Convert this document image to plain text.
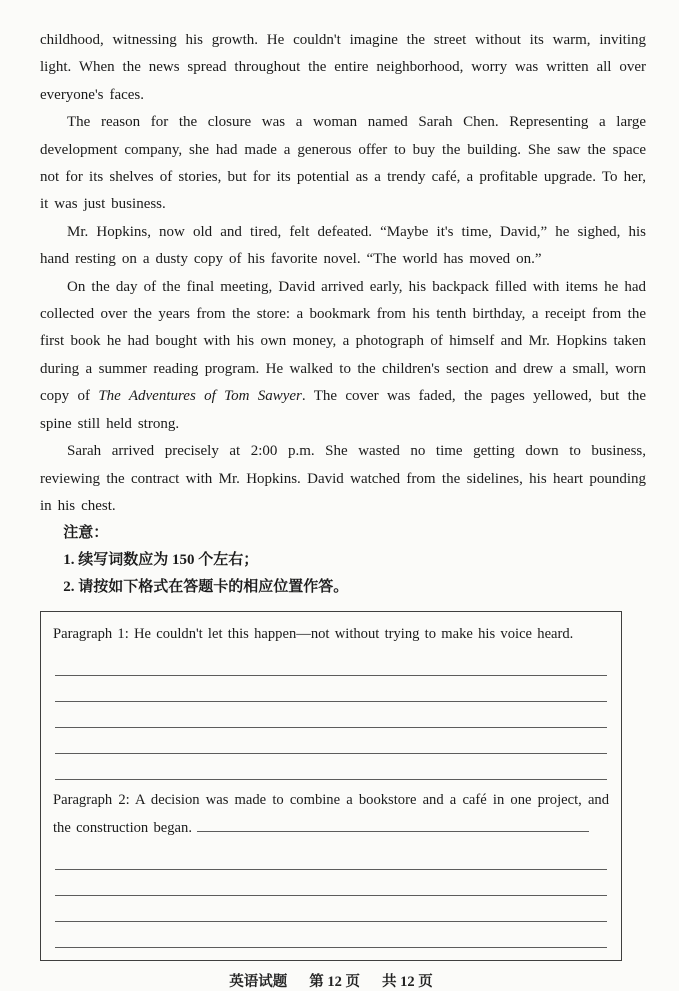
childhood, witnessing his growth. He couldn't imagine the street without its warm, inviting light. When the news spread throughout the entire neighborhood, worry was written all over everyone's faces.

The reason for the closure was a woman named Sarah Chen. Representing a large development company, she had made a generous offer to buy the building. She saw the space not for its shelves of stories, but for its potential as a trendy café, a profitable upgrade. To her, it was just business.

Mr. Hopkins, now old and tired, felt defeated. “Maybe it's time, David,” he sighed, his hand resting on a dusty copy of his favorite novel. “The world has moved on.”

On the day of the final meeting, David arrived early, his backpack filled with items he had collected over the years from the store: a bookmark from his tenth birthday, a receipt from the first book he had bought with his own money, a photograph of himself and Mr. Hopkins taken during a summer reading program. He walked to the children's section and drew a small, worn copy of The Adventures of Tom Sawyer. The cover was faded, the pages yellowed, but the spine still held strong.

Sarah arrived precisely at 2:00 p.m. She wasted no time getting down to business, reviewing the contract with Mr. Hopkins. David watched from the sidelines, his heart pounding in his chest.

注意：

1. 续写词数应为 150 个左右；

2. 请按如下格式在答题卡的相应位置作答。

Paragraph 1: He couldn't let this happen—not without trying to make his voice heard.

Paragraph 2: A decision was made to combine a bookstore and a café in one project, and the construction began.

英语试题 第 12 页 共 12 页
